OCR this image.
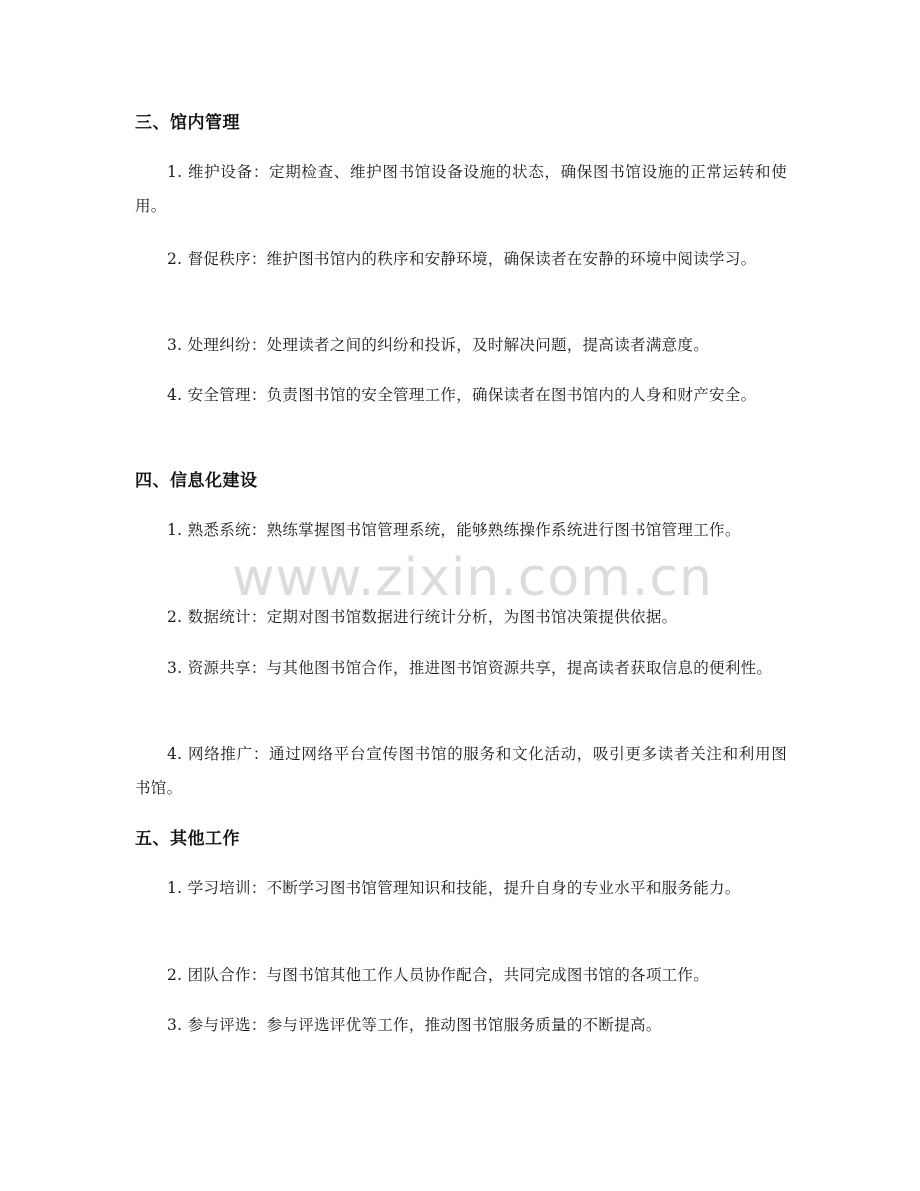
三、馆内管理

1. 维护设备：定期检查、维护图书馆设备设施的状态，确保图书馆设施的正常运转和使用。

2. 督促秩序：维护图书馆内的秩序和安静环境，确保读者在安静的环境中阅读学习。

3. 处理纠纷：处理读者之间的纠纷和投诉，及时解决问题，提高读者满意度。

4. 安全管理：负责图书馆的安全管理工作，确保读者在图书馆内的人身和财产安全。

四、信息化建设

1. 熟悉系统：熟练掌握图书馆管理系统，能够熟练操作系统进行图书馆管理工作。

2. 数据统计：定期对图书馆数据进行统计分析，为图书馆决策提供依据。

3. 资源共享：与其他图书馆合作，推进图书馆资源共享，提高读者获取信息的便利性。

4. 网络推广：通过网络平台宣传图书馆的服务和文化活动，吸引更多读者关注和利用图书馆。

五、其他工作

1. 学习培训：不断学习图书馆管理知识和技能，提升自身的专业水平和服务能力。

2. 团队合作：与图书馆其他工作人员协作配合，共同完成图书馆的各项工作。

3. 参与评选：参与评选评优等工作，推动图书馆服务质量的不断提高。

www.zixin.com.cn
